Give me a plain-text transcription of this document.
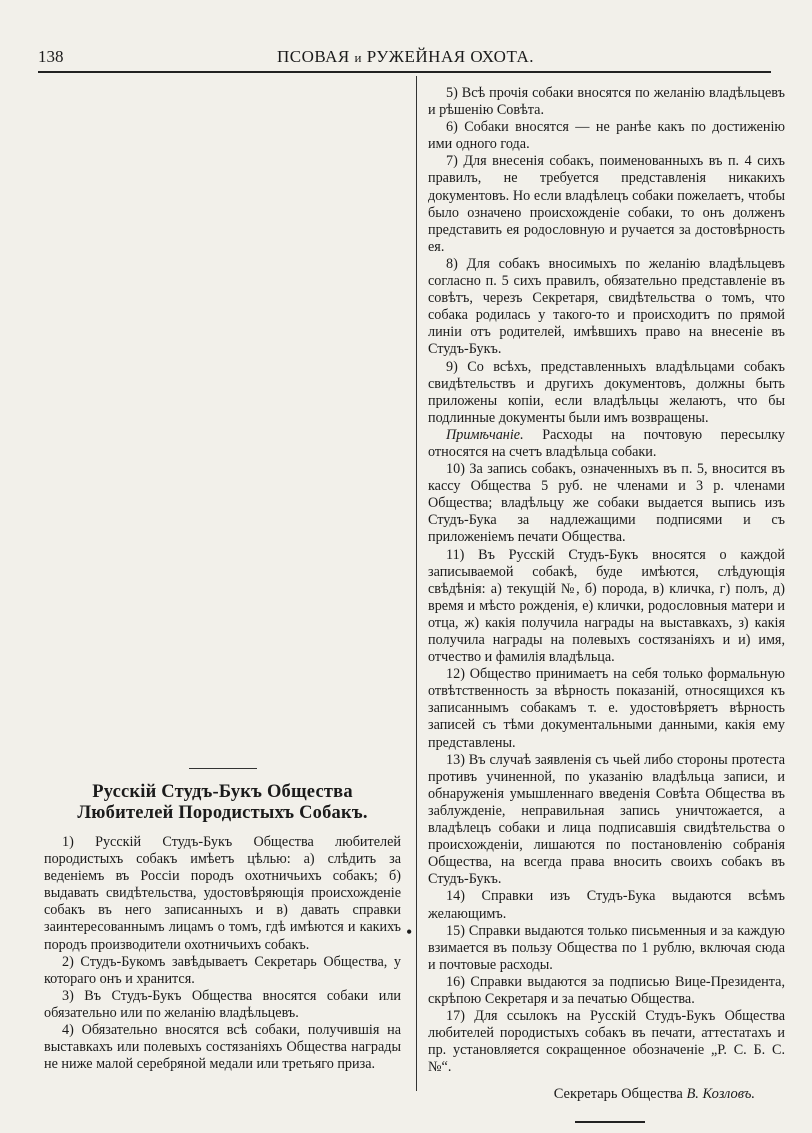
138	ПСОВАЯ и РУЖЕЙНАЯ ОХОТА.
•

5) Всѣ прочія собаки вносятся по желанію владѣльцевъ и рѣшенію Совѣта.

6) Собаки вносятся — не ранѣе какъ по достиженію ими одного года.

7) Для внесенія собакъ, поименованныхъ въ п. 4 сихъ правилъ, не требуется представленія никакихъ документовъ. Но если владѣлецъ собаки пожелаетъ, чтобы было означено происхожденіе собаки, то онъ долженъ представить ея родословную и ручается за достовѣрность ея.

8) Для собакъ вносимыхъ по желанію владѣльцевъ согласно п. 5 сихъ правилъ, обязательно представленіе въ совѣтъ, черезъ Секретаря, свидѣтельства о томъ, что собака родилась у такого-то и происходитъ по прямой линіи отъ родителей, имѣвшихъ право на внесеніе въ Студъ-Букъ.

9) Со всѣхъ, представленныхъ владѣльцами собакъ свидѣтельствъ и другихъ документовъ, должны быть приложены копіи, если владѣльцы желаютъ, что бы подлинные документы были имъ возвращены.

Примѣчаніе. Расходы на почтовую пересылку относятся на счетъ владѣльца собаки.

10) За запись собакъ, означенныхъ въ п. 5, вносится въ кассу Общества 5 руб. не членами и 3 р. членами Общества; владѣльцу же собаки выдается выпись изъ Студъ-Бука за надлежащими подписями и съ приложеніемъ печати Общества.

11) Въ Русскій Студъ-Букъ вносятся о каждой записываемой собакѣ, буде имѣются, слѣдующія свѣдѣнія: а) текущій №, б) порода, в) кличка, г) полъ, д) время и мѣсто рожденія, е) клички, родословныя матери и отца, ж) какія получила награды на выставкахъ, з) какія получила награды на полевыхъ состязаніяхъ и и) имя, отчество и фамилія владѣльца.

12) Общество принимаетъ на себя только формальную отвѣтственность за вѣрность показаній, относящихся къ записаннымъ собакамъ т. е. удостовѣряетъ вѣрность записей съ тѣми документальными данными, какія ему представлены.

13) Въ случаѣ заявленія съ чьей либо стороны протеста противъ учиненной, по указанію владѣльца записи, и обнаруженія умышленнаго введенія Совѣта Общества въ заблужденіе, неправильная запись уничтожается, а владѣлецъ собаки и лица подписавшія свидѣтельства о происхожденіи, лишаются по постановленію собранія Общества, на всегда права вносить своихъ собакъ въ Студъ-Букъ.

14) Справки изъ Студъ-Бука выдаются всѣмъ желающимъ.

15) Справки выдаются только письменныя и за каждую взимается въ пользу Общества по 1 рублю, включая сюда и почтовые расходы.

16) Справки выдаются за подписью Вице-Президента, скрѣпою Секретаря и за печатью Общества.

17) Для ссылокъ на Русскій Студъ-Букъ Общества любителей породистыхъ собакъ въ печати, аттестатахъ и пр. установляется сокращенное обозначеніе „Р. С. Б. С. №“.

Секретарь Общества В. Козловъ.
Русскій Студъ-Букъ Общества Любителей Породистыхъ Собакъ.

1) Русскій Студъ-Букъ Общества любителей породистыхъ собакъ имѣетъ цѣлью: а) слѣдить за веденіемъ въ Россіи породъ охотничьихъ собакъ; б) выдавать свидѣтельства, удостовѣряющія происхожденіе собакъ въ него записанныхъ и в) давать справки заинтересованнымъ лицамъ о томъ, гдѣ имѣются и какихъ породъ производители охотничьихъ собакъ.

2) Студъ-Букомъ завѣдываетъ Секретарь Общества, у котораго онъ и хранится.

3) Въ Студъ-Букъ Общества вносятся собаки или обязательно или по желанію владѣльцевъ.

4) Обязательно вносятся всѣ собаки, получившія на выставкахъ или полевыхъ состязаніяхъ Общества награды не ниже малой серебряной медали или третьяго приза.
